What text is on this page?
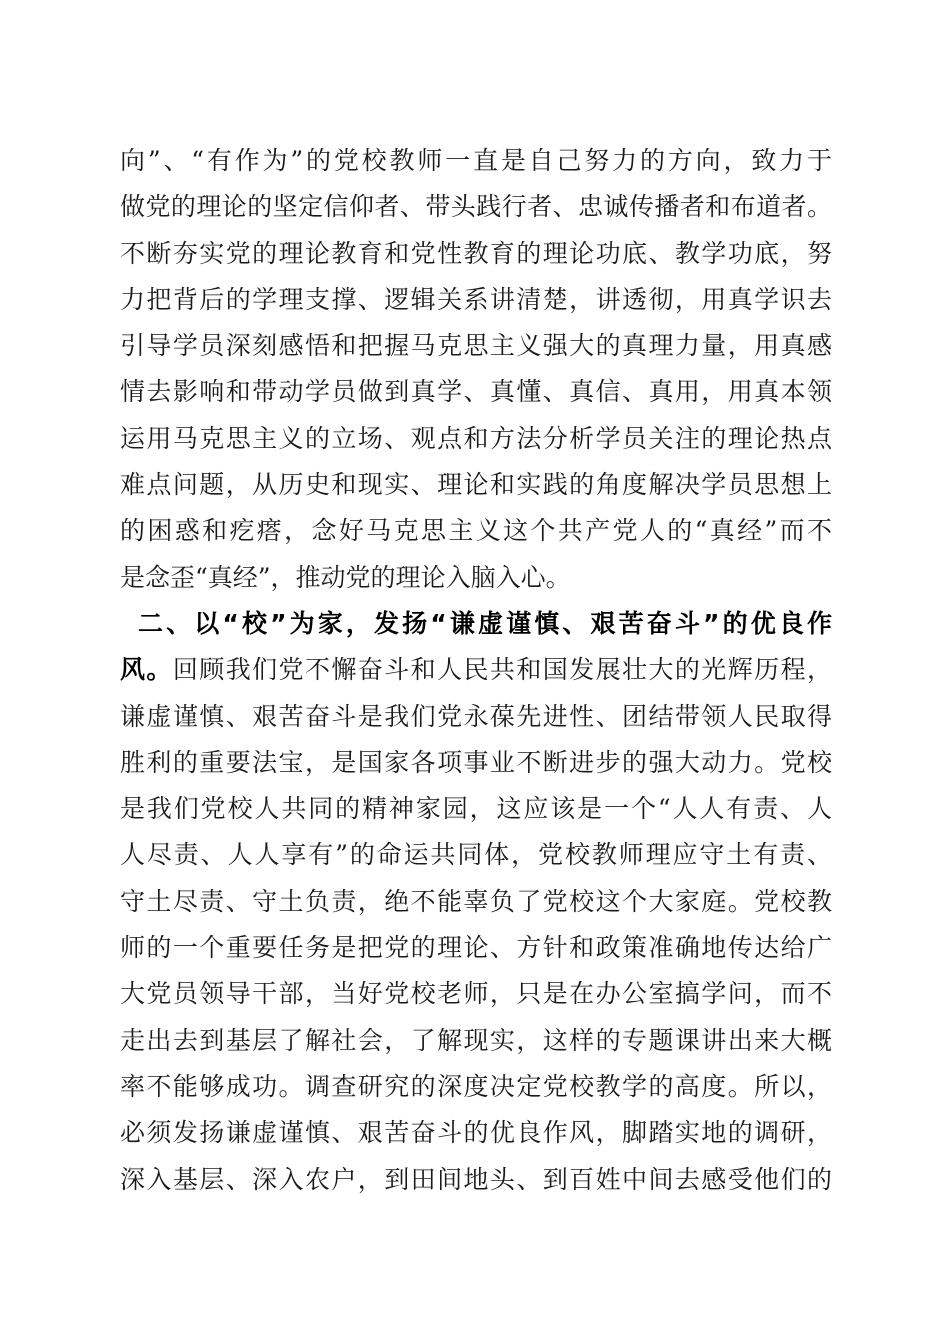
向”、“有作为”的党校教师一直是自己努力的方向，致力于
做党的理论的坚定信仰者、带头践行者、忠诚传播者和布道者。
不断夯实党的理论教育和党性教育的理论功底、教学功底，努
力把背后的学理支撑、逻辑关系讲清楚，讲透彻，用真学识去
引导学员深刻感悟和把握马克思主义强大的真理力量，用真感
情去影响和带动学员做到真学、真懂、真信、真用，用真本领
运用马克思主义的立场、观点和方法分析学员关注的理论热点
难点问题，从历史和现实、理论和实践的角度解决学员思想上
的困惑和疙瘩，念好马克思主义这个共产党人的“真经”而不
是念歪“真经”，推动党的理论入脑入心。
二、以“校”为家，发扬“谦虚谨慎、艰苦奋斗”的优良作
风。回顾我们党不懈奋斗和人民共和国发展壮大的光辉历程，
谦虚谨慎、艰苦奋斗是我们党永葆先进性、团结带领人民取得
胜利的重要法宝，是国家各项事业不断进步的强大动力。党校
是我们党校人共同的精神家园，这应该是一个“人人有责、人
人尽责、人人享有”的命运共同体，党校教师理应守土有责、
守土尽责、守土负责，绝不能辜负了党校这个大家庭。党校教
师的一个重要任务是把党的理论、方针和政策准确地传达给广
大党员领导干部，当好党校老师，只是在办公室搞学问，而不
走出去到基层了解社会，了解现实，这样的专题课讲出来大概
率不能够成功。调查研究的深度决定党校教学的高度。所以，
必须发扬谦虚谨慎、艰苦奋斗的优良作风，脚踏实地的调研，
深入基层、深入农户，到田间地头、到百姓中间去感受他们的
